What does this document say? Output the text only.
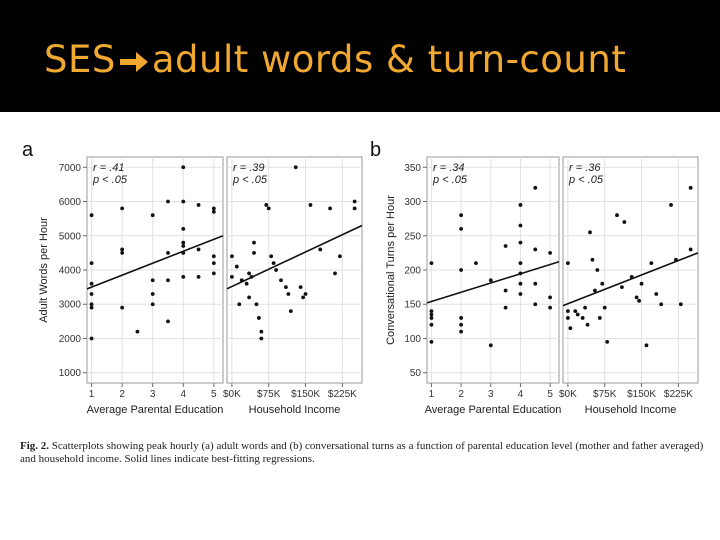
SES adult words & turn-count
1000
2000
3000
4000
5000
6000
7000
1 2 3 4 5
r = .41
p < .05
Average Parental Education
Adult Words per Hour
a
$0K $75K $150K $225K
r = .39
p < .05
Household Income
50
100
150
200
250
300
350
1 2 3 4 5
r = .34
p < .05
Average Parental Education
Conversational Turns per Hour
b
$0K $75K $150K $225K
r = .36
p < .05
Household Income
Fig. 2. Scatterplots showing peak hourly (a) adult words and (b) conversational turns as a function of parental education level (mother and father averaged) and household income. Solid lines indicate best-fitting regressions.
